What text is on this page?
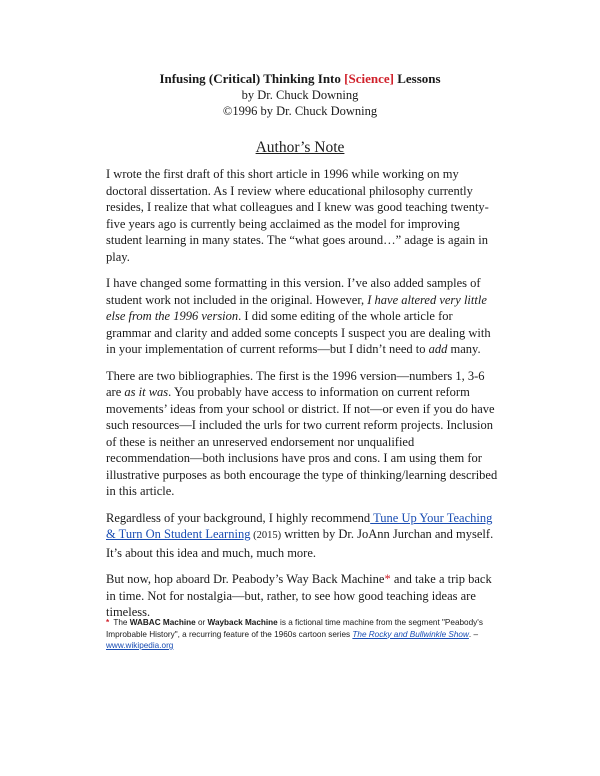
Infusing (Critical) Thinking Into [Science] Lessons
by Dr. Chuck Downing
©1996 by Dr. Chuck Downing
Author’s Note

I wrote the first draft of this short article in 1996 while working on my doctoral dissertation. As I review where educational philosophy currently resides, I realize that what colleagues and I knew was good teaching twenty-five years ago is currently being acclaimed as the model for improving student learning in many states. The “what goes around…” adage is again in play.

I have changed some formatting in this version. I’ve also added samples of student work not included in the original. However, I have altered very little else from the 1996 version. I did some editing of the whole article for grammar and clarity and added some concepts I suspect you are dealing with in your implementation of current reforms—but I didn’t need to add many.

There are two bibliographies. The first is the 1996 version—numbers 1, 3-6 are as it was. You probably have access to information on current reform movements’ ideas from your school or district. If not—or even if you do have such resources—I included the urls for two current reform projects. Inclusion of these is neither an unreserved endorsement nor unqualified recommendation—both inclusions have pros and cons. I am using them for illustrative purposes as both encourage the type of thinking/learning described in this article.

Regardless of your background, I highly recommend Tune Up Your Teaching & Turn On Student Learning (2015) written by Dr. JoAnn Jurchan and myself. It’s about this idea and much, much more.

But now, hop aboard Dr. Peabody’s Way Back Machine* and take a trip back in time. Not for nostalgia—but, rather, to see how good teaching ideas are timeless.

* The WABAC Machine or Wayback Machine is a fictional time machine from the segment "Peabody's Improbable History", a recurring feature of the 1960s cartoon series The Rocky and Bullwinkle Show. – www.wikipedia.org
